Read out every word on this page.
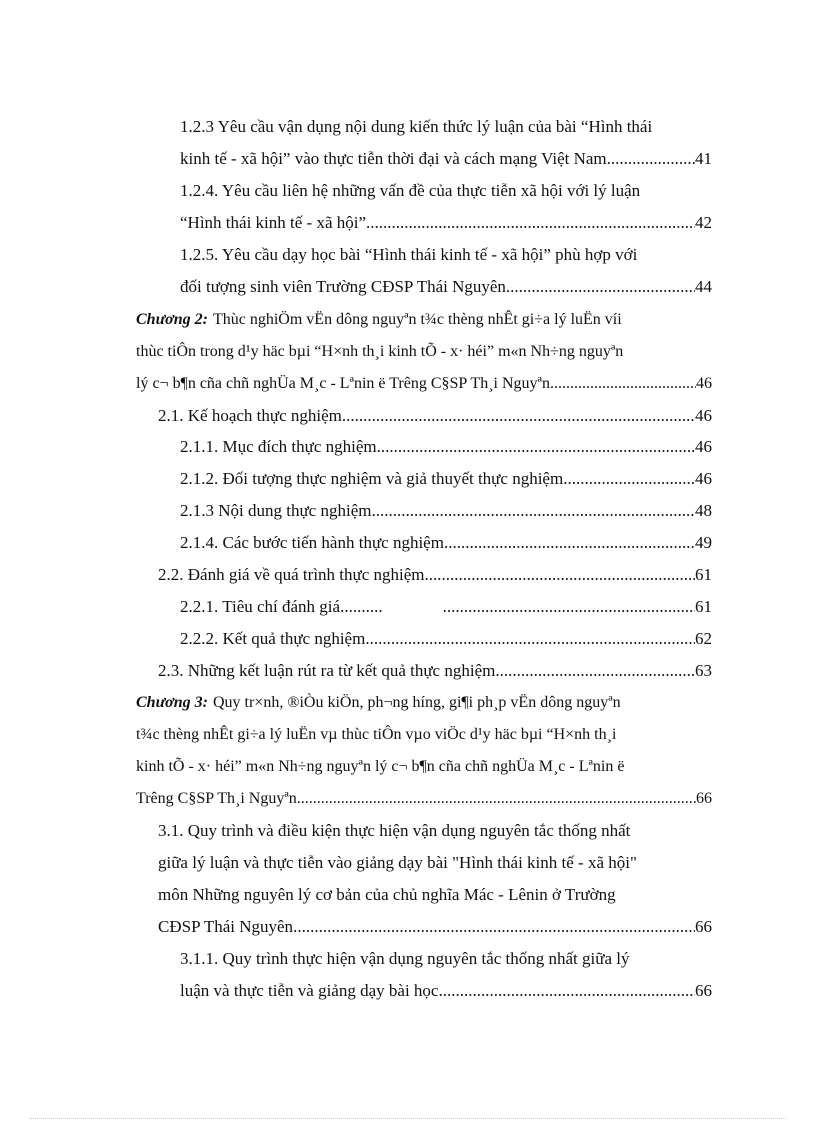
1.2.3 Yêu cầu vận dụng nội dung kiến thức lý luận của bài “Hình thái
kinh tế - xã hội” vào thực tiễn thời đại và cách mạng Việt Nam. .....	41
1.2.4. Yêu cầu liên hệ những vấn đề của thực tiễn xã hội với lý luận
“Hình thái kinh tế - xã hội” .....	42
1.2.5. Yêu cầu dạy học bài “Hình thái kinh tế - xã hội” phù hợp với
đối tượng sinh viên Trường CĐSP Thái Nguyên .....	44
Chương 2: Thùc nghiÖm vËn dông nguyªn t¾c thèng nhÊt gi÷a lý luËn víi
thùc tiÔn trong d¹y häc bµi “H×nh th¸i kinh tÕ - x· héi” m«n Nh÷ng nguyªn
lý c¬ b¶n cña chñ nghÜa M¸c - Lªnin ë Trêng C§SP Th¸i Nguyªn .....	46
2.1. Kế hoạch thực nghiệm .....	46
2.1.1. Mục đích thực nghiệm .....	46
2.1.2. Đối tượng thực nghiệm và giả thuyết thực nghiệm .....	46
2.1.3 Nội dung thực nghiệm .....	48
2.1.4. Các bước tiến hành thực nghiệm .....	49
2.2. Đánh giá về quá trình thực nghiệm .....	61
2.2.1. Tiêu chí đánh giá.......... .....	61
2.2.2. Kết quả thực nghiệm .....	62
2.3. Những kết luận rút ra từ kết quả thực nghiệm .....	63
Chương 3: Quy tr×nh, ®iÒu kiÖn, ph¬ng híng, gi¶i ph¸p vËn dông nguyªn
t¾c thèng nhÊt gi÷a lý luËn vµ thùc tiÔn vµo viÖc d¹y häc bµi “H×nh th¸i
kinh tÕ - x· héi” m«n Nh÷ng nguyªn lý c¬ b¶n cña chñ nghÜa M¸c - Lªnin ë
Trêng C§SP Th¸i Nguyªn .....	66
3.1. Quy trình và điều kiện thực hiện vận dụng nguyên tắc thống nhất
giữa lý luận và thực tiễn vào giảng dạy bài "Hình thái kinh tế - xã hội"
môn Những nguyên lý cơ bản của chủ nghĩa Mác - Lênin ở Trường
CĐSP Thái Nguyên .....	66
3.1.1. Quy trình thực hiện vận dụng nguyên tắc thống nhất giữa lý
luận và thực tiễn và giảng dạy bài học .....	66
